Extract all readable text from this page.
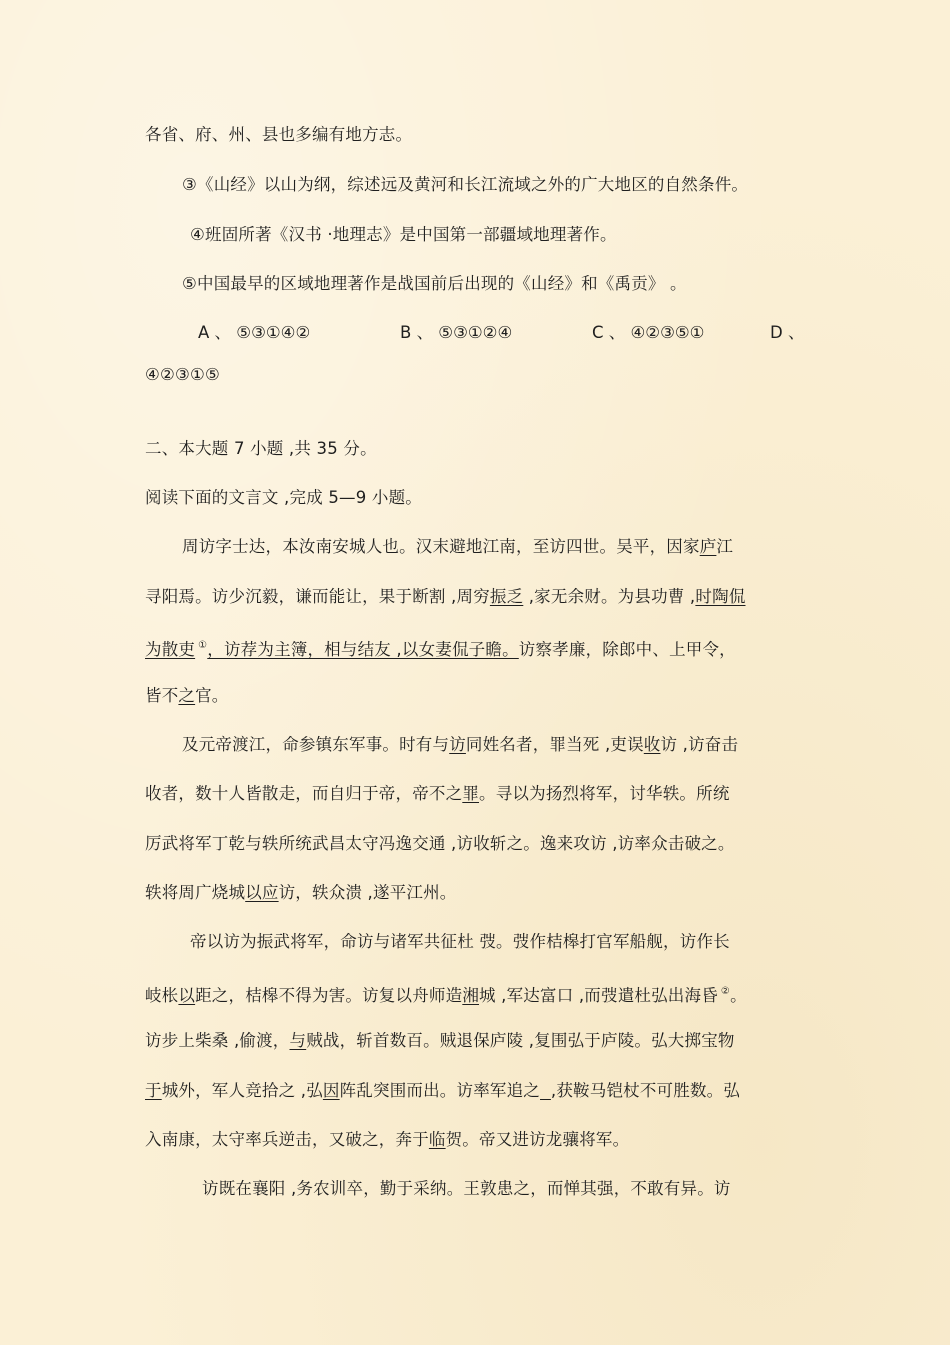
各省、府、州、县也多编有地方志。
③《山经》以山为纲，综述远及黄河和长江流域之外的广大地区的自然条件。
④班固所著《汉书 ·地理志》是中国第一部疆域地理著作。
⑤中国最早的区域地理著作是战国前后出现的《山经》和《禹贡》 。
A 、 ⑤③①④②	B 、 ⑤③①②④	C 、 ④②③⑤①	D 、
④②③①⑤
二、本大题 7 小题 ,共 35 分。
阅读下面的文言文 ,完成 5—9 小题。
周访字士达，本汝南安城人也。汉末避地江南，至访四世。吴平，因家庐江
寻阳焉。访少沉毅，谦而能让，果于断割 ,周穷振乏 ,家无余财。为县功曹 ,时陶侃
为散吏 ①，访荐为主簿，相与结友 ,以女妻侃子瞻。访察孝廉，除郎中、上甲令，
皆不之官。
及元帝渡江，命参镇东军事。时有与访同姓名者，罪当死 ,吏误收访 ,访奋击
收者，数十人皆散走，而自归于帝，帝不之罪。寻以为扬烈将军，讨华轶。所统
厉武将军丁乾与轶所统武昌太守冯逸交通 ,访收斩之。逸来攻访 ,访率众击破之。
轶将周广烧城以应访，轶众溃 ,遂平江州。
帝以访为振武将军，命访与诸军共征杜 弢。弢作桔槔打官军船舰，访作长
岐枨以距之，桔槔不得为害。访复以舟师造湘城 ,军达富口 ,而弢遣杜弘出海昏 ②。
访步上柴桑 ,偷渡，与贼战，斩首数百。贼退保庐陵 ,复围弘于庐陵。弘大掷宝物
于城外，军人竞拾之 ,弘因阵乱突围而出。访率军追之 ,获鞍马铠杖不可胜数。弘
入南康，太守率兵逆击，又破之，奔于临贺。帝又进访龙骧将军。
访既在襄阳 ,务农训卒，勤于采纳。王敦患之，而惮其强，不敢有异。访
